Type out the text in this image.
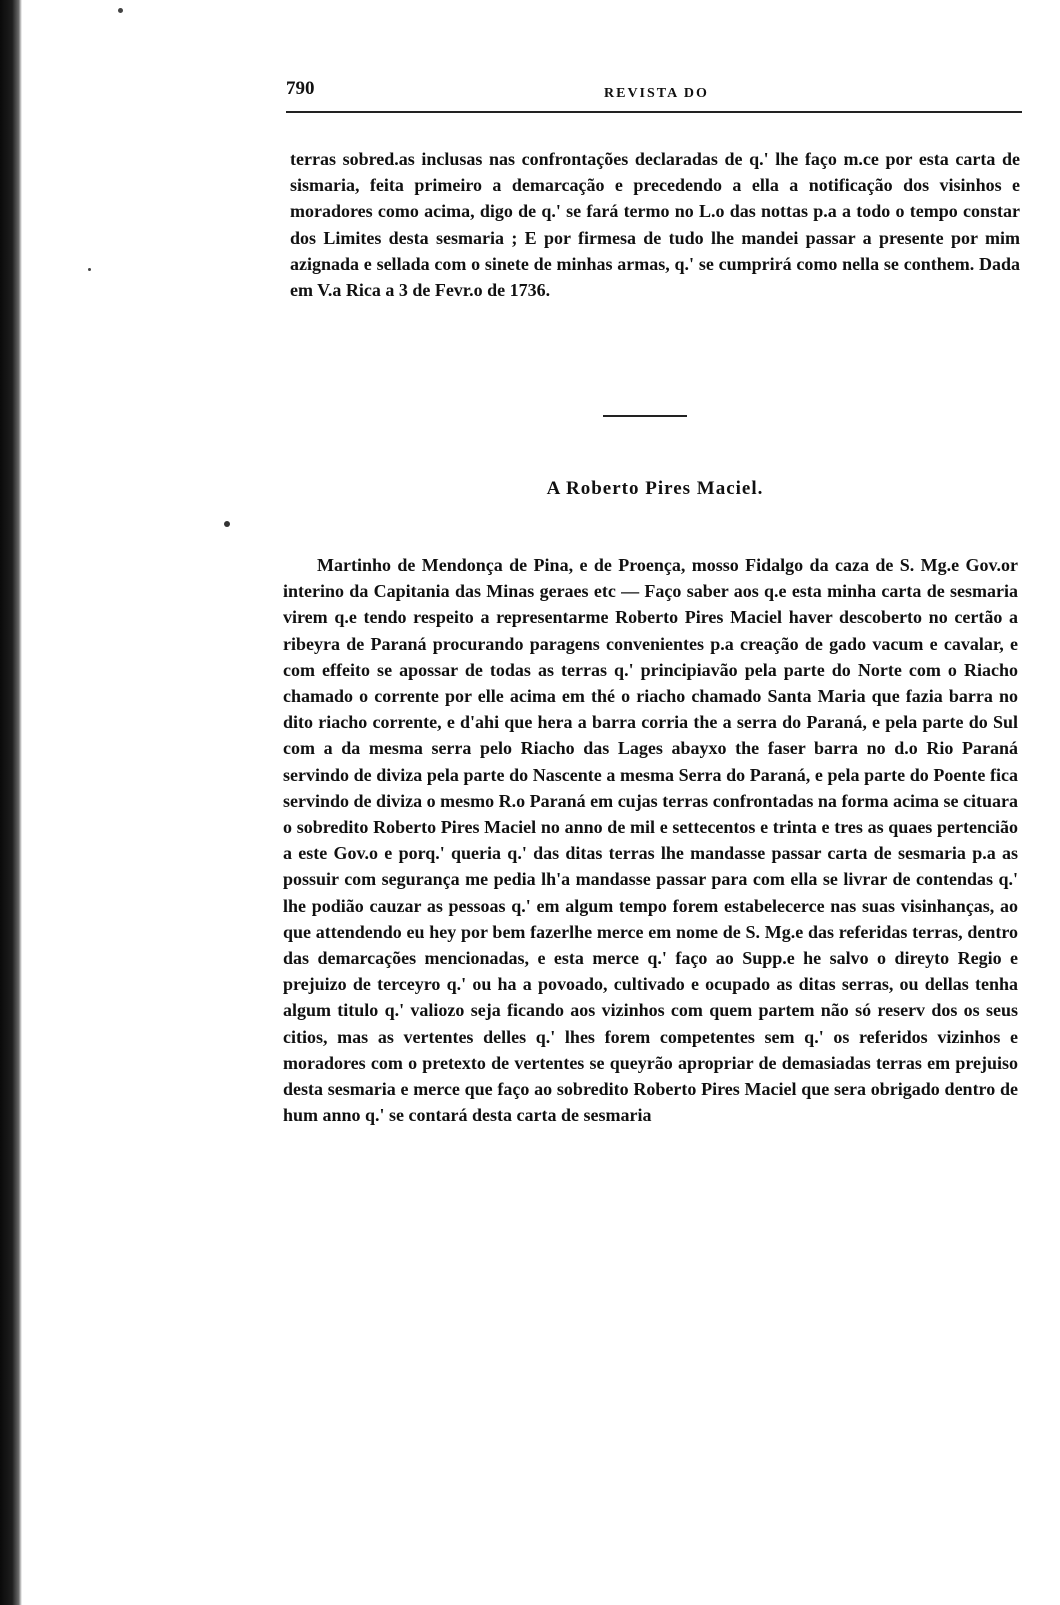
790	REVISTA DO

terras sobred.as inclusas nas confrontações declaradas de q.' lhe faço m.ce por esta carta de sismaria, feita primeiro a demarcação e precedendo a ella a notificação dos visinhos e moradores como acima, digo de q.' se fará termo no L.o das nottas p.a a todo o tempo constar dos Limites desta sesmaria ; E por firmesa de tudo lhe mandei passar a presente por mim azignada e sellada com o sinete de minhas armas, q.' se cumprirá como nella se conthem. Dada em V.a Rica a 3 de Fevr.o de 1736.

A Roberto Pires Maciel.

Martinho de Mendonça de Pina, e de Proença, mosso Fidalgo da caza de S. Mg.e Gov.or interino da Capitania das Minas geraes etc — Faço saber aos q.e esta minha carta de sesmaria virem q.e tendo respeito a representarme Roberto Pires Maciel haver descoberto no certão a ribeyra de Paraná procurando paragens convenientes p.a creação de gado vacum e cavalar, e com effeito se apossar de todas as terras q.' principiavão pela parte do Norte com o Riacho chamado o corrente por elle acima em thé o riacho chamado Santa Maria que fazia barra no dito riacho corrente, e d'ahi que hera a barra corria the a serra do Paraná, e pela parte do Sul com a da mesma serra pelo Riacho das Lages abayxo the faser barra no d.o Rio Paraná servindo de diviza pela parte do Nascente a mesma Serra do Paraná, e pela parte do Poente fica servindo de diviza o mesmo R.o Paraná em cujas terras confrontadas na forma acima se cituara o sobredito Roberto Pires Maciel no anno de mil e settecentos e trinta e tres as quaes pertencião a este Gov.o e porq.' queria q.' das ditas terras lhe mandasse passar carta de sesmaria p.a as possuir com segurança me pedia lh'a mandasse passar para com ella se livrar de contendas q.' lhe podião cauzar as pessoas q.' em algum tempo forem estabelecerce nas suas visinhanças, ao que attendendo eu hey por bem fazerlhe merce em nome de S. Mg.e das referidas terras, dentro das demarcações mencionadas, e esta merce q.' faço ao Supp.e he salvo o direyto Regio e prejuizo de terceyro q.' ou ha a povoado, cultivado e ocupado as ditas serras, ou dellas tenha algum titulo q.' valiozo seja ficando aos vizinhos com quem partem não só reserv dos os seus citios, mas as vertentes delles q.' lhes forem competentes sem q.' os referidos vizinhos e moradores com o pretexto de vertentes se queyrão apropriar de demasiadas terras em prejuiso desta sesmaria e merce que faço ao sobredito Roberto Pires Maciel que sera obrigado dentro de hum anno q.' se contará desta carta de sesmaria
